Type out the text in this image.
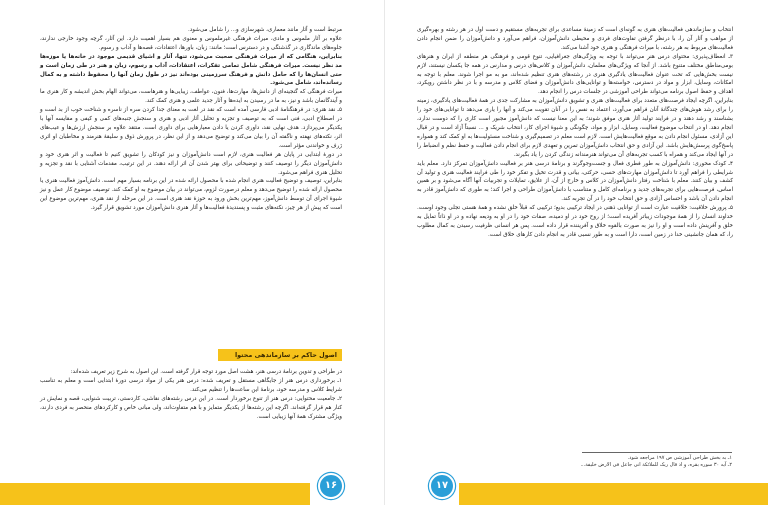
مرتبط است و آثار مانند معماری، شهرسازی و... را شامل می‌شود.

علاوه بر آثار ملموس و مادی، میراث فرهنگی غیرملموس و معنوی هم بسیار اهمیت دارد. این آثار، گرچه وجود خارجی ندارند، جلوه‌های ماندگاری در گذشتگی و در دسترس است؛ مانند: زبان، باورها، اعتقادات، قصه‌ها و آداب و رسوم.

بنابراین، هنگامی که از میراث فرهنگی صحبت می‌شود، تنها، آثار و اشیای قدیمی موجود در خانه‌ها یا موزه‌ها مد نظر نیست. میراث فرهنگی شامل تمامی تفکرات، اعتقادات، آداب و رسوم، زبان و هنر در طی زمان است و حتی انسان‌ها را که حامل دانش و فرهنگ سرزمینی بوده‌اند نیز در طول زمان آنها را محفوظ داشته و به کمال رسانده‌اند، شامل می‌شود.

میراث فرهنگی که گنجینه‌ای از دانش‌ها، مهارت‌ها، فنون، عواطف، زیبایی‌ها و هنرهاست، می‌تواند الهام بخش اندیشه و کار هنری ما و آیندگانمان باشد و نیز، به ما در رسیدن به ایده‌ها و آثار جدید علمی و هنری کمک کند.

۵ـ نقد هنری: در فرهنگنامهٔ ادبی فارسی آمده است که نقد در لغت به معنای جدا کردن سره از ناسره و شناخت خوب از بد است و در اصطلاح ادبی، فنی است که به توصیف و تجزیه و تحلیل آثار ادبی و هنری و سنجش جنبه‌های کمی و کیفی و مقایسه آنها با یکدیگر می‌پردازد. هدف نهایی نقد، داوری کردن یا دادن معیارهایی برای داوری است. منتقد علاوه بر سنجش ارزش‌ها و عیب‌های اثر، نکته‌های نهفته و ناگفته آن را بیان می‌کند و توضیح می‌دهد و از این نظر، در پرورش ذوق و سلیقهٔ هنرمند و مخاطبان او اثری ژرف و خواندنی مؤثر است.

در دورهٔ ابتدایی در پایان هر فعالیت هنری، لازم است دانش‌آموزان و نیز کودکان را تشویق کنیم تا فعالیت و اثر هنری خود و دانش‌آموزان دیگر را توصیف کنند و توضیحاتی برای بهتر شدن آن اثر ارائه دهند. در این ترتیب، مقدمات آشنایی با نقد و تجزیه و تحلیل هنری فراهم می‌شود.

بنابراین، توصیف و توضیح فعالیت هنری انجام شده با محصول ارائه شده در این برنامه بسیار مهم است. دانش‌آموز فعالیت هنری یا محصول ارائه شده را توضیح می‌دهد و معلم درصورت لزوم، می‌تواند در بیان موضوع به او کمک کند. توصیف موضوع کار عمل و نیز شیوهٔ اجرای آن توسط دانش‌آموز، مهم‌ترین بخش ورود به حوزهٔ نقد هنری است. در این مرحله از نقد هنری، مهم‌ترین موضوع این است که پیش از هر چیز، نکته‌های مثبت و پسندیدهٔ فعالیت‌ها و آثار هنری دانش‌آموزان مورد تشویق قرار گیرد.

اصول حاکم بر سازماندهی محتوا

در طراحی و تدوین برنامهٔ درسی هنر، هشت اصل مورد توجه قرار گرفته است. این اصول به شرح زیر تعریف شده‌اند:

۱ـ برخورداری درس هنر از جایگاهی مستقل و تعریف شده: درس هنر یکی از مواد درسی دورهٔ ابتدایی است و معلم به تناسب شرایط کلاس و مدرسه خود، برنامهٔ این ساعت‌ها را تنظیم می‌کند.

۲ـ جامعیت محتوایی: درس هنر از تنوع برخوردار است. در این درس رشته‌های نقاشی، کاردستی، تربیت شنوایی، قصه و نمایش در کنار هم قرار گرفته‌اند. اگرچه این رشته‌ها از یکدیگر متمایز و با هم متفاوت‌اند، ولی مبانی خاص و کارکردهای منحصر به فردی دارند، ویژگی مشترک همهٔ آنها زیبایی است.

۱۶

انتخاب و سازماندهی فعالیت‌های هنری به گونه‌ای است که زمینهٔ مساعدی برای تجربه‌های مستقیم و دست اول در هر رشته و بهره‌گیری از مواهب و آثار آن را، با درنظر گرفتن تفاوت‌های فردی و محیطی دانش‌آموزان، فراهم می‌آورد و دانش‌آموزان را ضمن انجام دادن فعالیت‌های مربوط به هر رشته، با میراث فرهنگی و هنری خود آشنا می‌کند.

۳ـ انعطاف‌پذیری: محتوای درس هنر می‌تواند با توجه به ویژگی‌های جغرافیایی، تنوع قومی و فرهنگی هر منطقه از ایران و هنرهای بومی‌مناطق مختلف متنوع باشد. از آنجا که ویژگی‌های معلمان، دانش‌آموزان و کلاس‌های درس و مدارس در همه جا یکسان نیستند، لازم نیست بخش‌هایی که تحت عنوان فعالیت‌های یادگیری هنری در رشته‌های هنری تنظیم شده‌اند، مو به مو اجرا شوند. معلم با توجه به امکانات، وسایل، ابزار و مواد در دسترس، خواسته‌ها و توانایی‌های دانش‌آموزان و فضای کلاس و مدرسه و با در نظر داشتن رویکرد، اهداف و حفظ اصول برنامه می‌تواند طراحی آموزشی در جلسات درس را انجام دهد.

بنابراین، اگرچه ایجاد فرصت‌های متعدد برای فعالیت‌های هنری و تشویق دانش‌آموزان به مشارکت جدی در همهٔ فعالیت‌های یادگیری، زمینه را برای رشد هوش‌های چندگانهٔ آنان فراهم می‌آورد، اعتماد به نفس را در آنان تقویت می‌کند و آنها را یاری می‌دهد تا توانایی‌های خود را بشناسند و رشد دهند و در فرایند تولید آثار هنری موفق شوند؛ به این معنا نیست که دانش‌آموز مجبور است کاری را که دوست ندارد، انجام دهد. او در انتخاب موضوع فعالیت، وسایل، ابزار و مواد، چگونگی و شیوهٔ اجرای کار، انتخاب شریک و ... نسبتاً آزاد است و در قبال این آزادی، مسئول انجام دادن به موقع فعالیت‌هایش است. لازم است معلم در تصمیم‌گیری و شناخت مسئولیت‌ها به او کمک کند و همواره پاسخ‌گوی پرسش‌هایش باشد. این آزادی و حق انتخاب دانش‌آموزان تمرین و تعهدی لازم برای انجام دادن فعالیت و حفظ نظم و انضباط را در آنها ایجاد می‌کند و همراه با کسب تجربه‌های آن می‌تواند هنرمندانه زندگی کردن را یاد بگیرند.

۴ـ کودک محوری: دانش‌آموزان به طور فطری فعال و جست‌وجوگرند و برنامهٔ درسی هنر بر فعالیت دانش‌آموزان تمرکز دارد. معلم باید شرایطی را فراهم آورد تا دانش‌آموزان مهارت‌های حسی، حرکتی، بیانی و قدرت تخیل و تفکر خود را طی فرایند فعالیت هنری و تولید آن کشف و بیان کنند. معلم با شناخت رفتار دانش‌آموزان در کلاس و خارج از آن، از علایق، تمایلات و تجربیات آنها آگاه می‌شود و بر همین اساس، فرصت‌هایی برای تجربه‌های جدید و برنامه‌ای کامل و متناسب با دانش‌آموزان طراحی و اجرا کند؛ به طوری که دانش‌آموز قادر به انجام دادن آن باشد و احساس آزادی و حق انتخاب خود را در آن تجربه کند.

۵ـ پرورش خلاقیت: خلاقیت عبارت است از توانایی ذهنی در ایجاد ترکیبی بدیع؛ ترکیبی که قبلاً خلق نشده و همهٔ هستی تجلی وجود اوست. خداوند انسان را از همهٔ موجودات زیباتر آفریده است؛ از روح خود در او دمیده، صفات خود را در او به ودیعه نهاده و در او ذاتاً تمایل به خلق و آفرینش داده است و او را نیز به صورت بالقوه خلاق و آفریننده قرار داده است. پس هر انسانی ظرفیت رسیدن به کمال مطلوب را، که همان جانشینی خدا در زمین است، دارا است و به طور نسبی قادر به انجام دادن کارهای خلاق است.

۱ـ به بخش طراحی آموزشی ص ۱۹۷ مراجعه شود.

۲ـ آیه ۳۰ سوره بقره، و اذ قال ربک للملائکة انی جاعل فی الارض خلیفة...

۱۷
